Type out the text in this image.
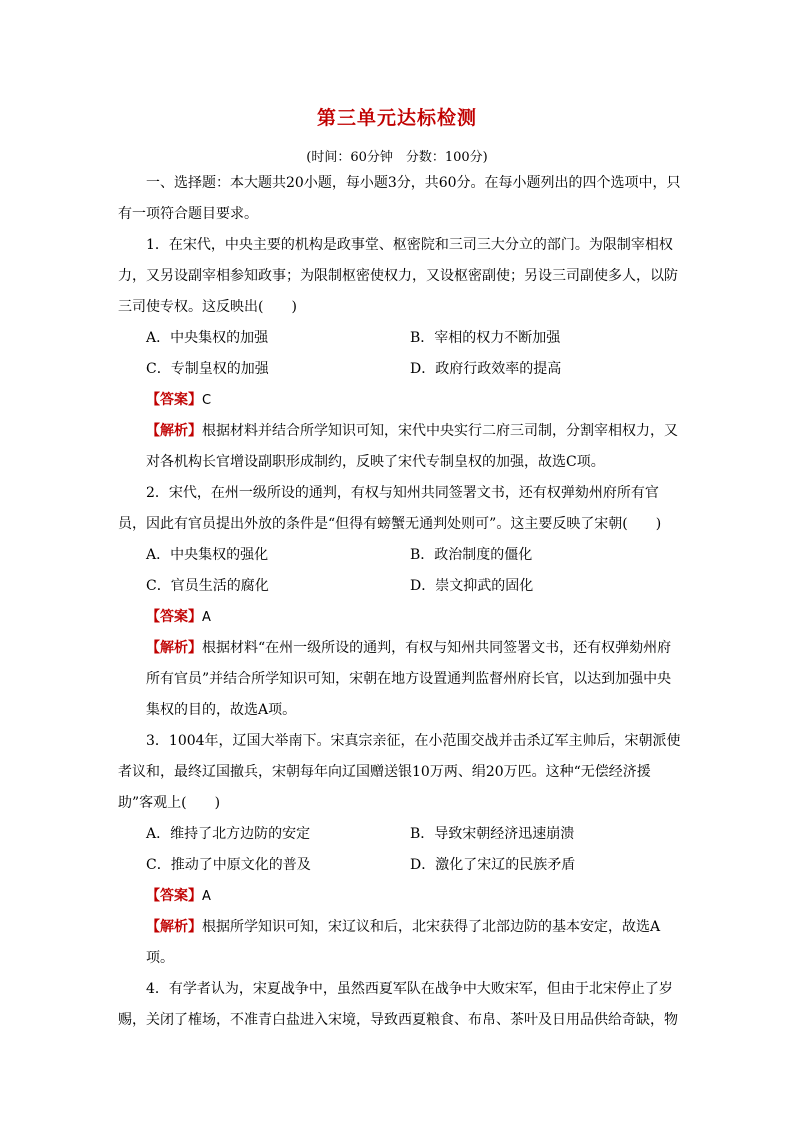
第三单元达标检测
(时间：60分钟　分数：100分)

一、选择题：本大题共20小题，每小题3分，共60分。在每小题列出的四个选项中，只有一项符合题目要求。

1．在宋代，中央主要的机构是政事堂、枢密院和三司三大分立的部门。为限制宰相权力，又另设副宰相参知政事；为限制枢密使权力，又设枢密副使；另设三司副使多人，以防三司使专权。这反映出(　　)

A．中央集权的加强	B．宰相的权力不断加强
C．专制皇权的加强	D．政府行政效率的提高

【答案】C

【解析】根据材料并结合所学知识可知，宋代中央实行二府三司制，分割宰相权力，又对各机构长官增设副职形成制约，反映了宋代专制皇权的加强，故选C项。

2．宋代，在州一级所设的通判，有权与知州共同签署文书，还有权弹劾州府所有官员，因此有官员提出外放的条件是“但得有螃蟹无通判处则可”。这主要反映了宋朝(　　)

A．中央集权的强化	B．政治制度的僵化
C．官员生活的腐化	D．崇文抑武的固化

【答案】A

【解析】根据材料“在州一级所设的通判，有权与知州共同签署文书，还有权弹劾州府所有官员”并结合所学知识可知，宋朝在地方设置通判监督州府长官，以达到加强中央集权的目的，故选A项。

3．1004年，辽国大举南下。宋真宗亲征，在小范围交战并击杀辽军主帅后，宋朝派使者议和，最终辽国撤兵，宋朝每年向辽国赠送银10万两、绢20万匹。这种“无偿经济援助”客观上(　　)

A．维持了北方边防的安定	B．导致宋朝经济迅速崩溃
C．推动了中原文化的普及	D．激化了宋辽的民族矛盾

【答案】A

【解析】根据所学知识可知，宋辽议和后，北宋获得了北部边防的基本安定，故选A项。

4．有学者认为，宋夏战争中，虽然西夏军队在战争中大败宋军，但由于北宋停止了岁赐，关闭了榷场，不准青白盐进入宋境，导致西夏粮食、布帛、茶叶及日用品供给奇缺，物
